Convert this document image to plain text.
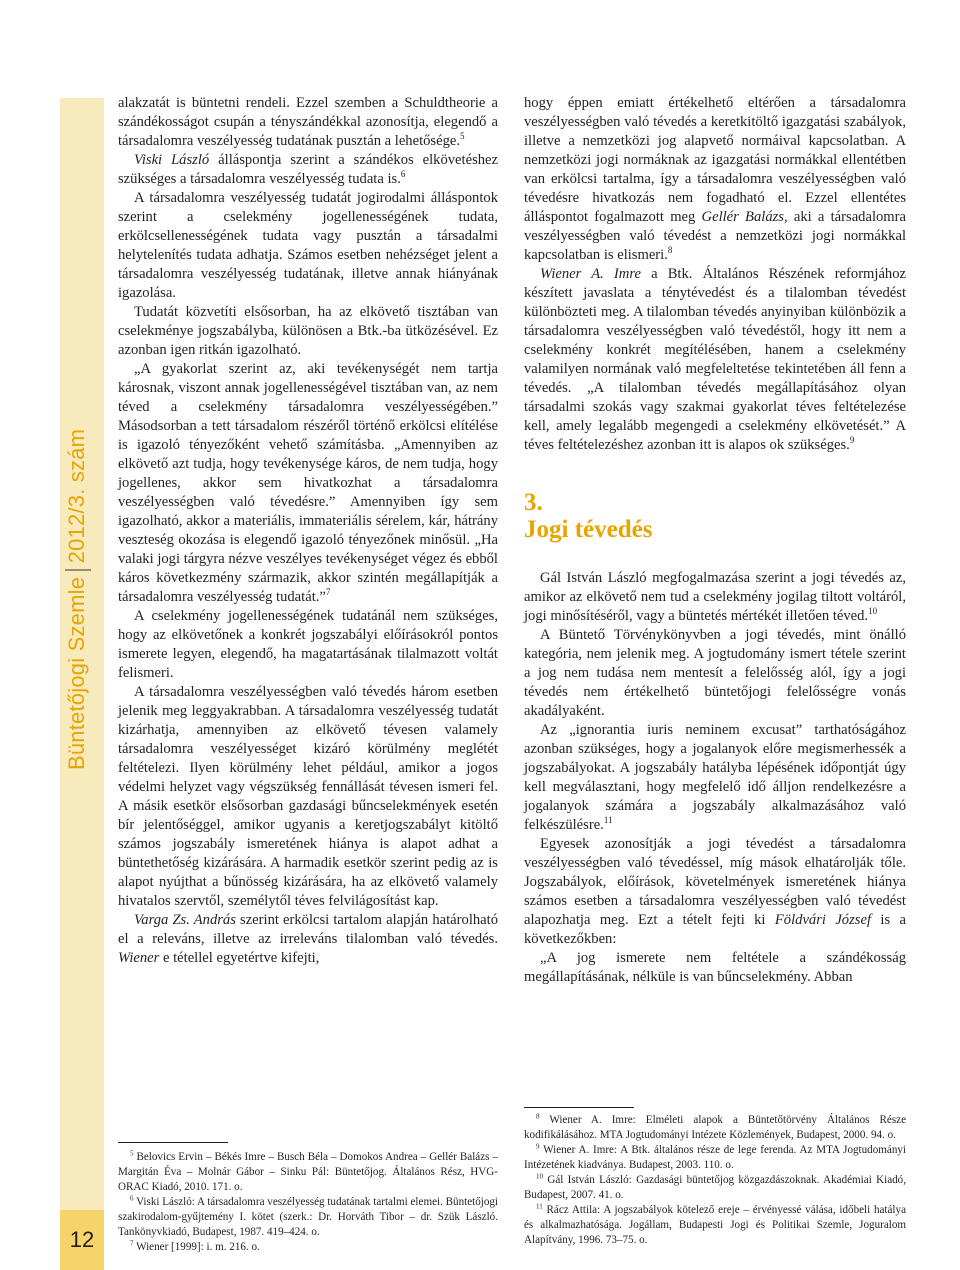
Büntetőjogi Szemle2012/3. szám
12

alakzatát is büntetni rendeli. Ezzel szemben a Schuldtheorie a szándékosságot csupán a tényszándékkal azonosítja, elegendő a társadalomra veszélyesség tudatának pusztán a lehetősége.$^5$

Viski László álláspontja szerint a szándékos elkövetéshez szükséges a társadalomra veszélyesség tudata is.$^6$

A társadalomra veszélyesség tudatát jogirodalmi álláspontok szerint a cselekmény jogellenességének tudata, erkölcsellenességének tudata vagy pusztán a társadalmi helytelenítés tudata adhatja. Számos esetben nehézséget jelent a társadalomra veszélyesség tudatának, illetve annak hiányának igazolása.

Tudatát közvetíti elsősorban, ha az elkövető tisztában van cselekménye jogszabályba, különösen a Btk.-ba ütközésével. Ez azonban igen ritkán igazolható.

„A gyakorlat szerint az, aki tevékenységét nem tartja károsnak, viszont annak jogellenességével tisztában van, az nem téved a cselekmény társadalomra veszélyességében.” Másodsorban a tett társadalom részéről történő erkölcsi elítélése is igazoló tényezőként vehető számításba. „Amennyiben az elkövető azt tudja, hogy tevékenysége káros, de nem tudja, hogy jogellenes, akkor sem hivatkozhat a társadalomra veszélyességben való tévedésre.” Amennyiben így sem igazolható, akkor a materiális, immateriális sérelem, kár, hátrány veszteség okozása is elegendő igazoló tényezőnek minősül. „Ha valaki jogi tárgyra nézve veszélyes tevékenységet végez és ebből káros következmény származik, akkor szintén megállapítják a társadalomra veszélyesség tudatát.”$^7$

A cselekmény jogellenességének tudatánál nem szükséges, hogy az elkövetőnek a konkrét jogszabályi előírásokról pontos ismerete legyen, elegendő, ha magatartásának tilalmazott voltát felismeri.

A társadalomra veszélyességben való tévedés három esetben jelenik meg leggyakrabban. A társadalomra veszélyesség tudatát kizárhatja, amennyiben az elkövető tévesen valamely társadalomra veszélyességet kizáró körülmény meglétét feltételezi. Ilyen körülmény lehet például, amikor a jogos védelmi helyzet vagy végszükség fennállását tévesen ismeri fel. A másik esetkör elsősorban gazdasági bűncselekmények esetén bír jelentőséggel, amikor ugyanis a keretjogszabályt kitöltő számos jogszabály ismeretének hiánya is alapot adhat a büntethetőség kizárására. A harmadik esetkör szerint pedig az is alapot nyújthat a bűnösség kizárására, ha az elkövető valamely hivatalos szervtől, személytől téves felvilágosítást kap.

Varga Zs. András szerint erkölcsi tartalom alapján határolható el a releváns, illetve az irreleváns tilalomban való tévedés. Wiener e tétellel egyetértve kifejti,

hogy éppen emiatt értékelhető eltérően a társadalomra veszélyességben való tévedés a keretkitöltő igazgatási szabályok, illetve a nemzetközi jog alapvető normáival kapcsolatban. A nemzetközi jogi normáknak az igazgatási normákkal ellentétben van erkölcsi tartalma, így a társadalomra veszélyességben való tévedésre hivatkozás nem fogadható el. Ezzel ellentétes álláspontot fogalmazott meg Gellér Balázs, aki a társadalomra veszélyességben való tévedést a nemzetközi jogi normákkal kapcsolatban is elismeri.$^8$

Wiener A. Imre a Btk. Általános Részének reformjához készített javaslata a ténytévedést és a tilalomban tévedést különbözteti meg. A tilalomban tévedés anyinyiban különbözik a társadalomra veszélyességben való tévedéstől, hogy itt nem a cselekmény konkrét megítélésében, hanem a cselekmény valamilyen normának való megfeleltetése tekintetében áll fenn a tévedés. „A tilalomban tévedés megállapításához olyan társadalmi szokás vagy szakmai gyakorlat téves feltételezése kell, amely legalább megengedi a cselekmény elkövetését.” A téves feltételezéshez azonban itt is alapos ok szükséges.$^9$

3.
Jogi tévedés

Gál István László megfogalmazása szerint a jogi tévedés az, amikor az elkövető nem tud a cselekmény jogilag tiltott voltáról, jogi minősítéséről, vagy a büntetés mértékét illetően téved.$^{10}$

A Büntető Törvénykönyvben a jogi tévedés, mint önálló kategória, nem jelenik meg. A jogtudomány ismert tétele szerint a jog nem tudása nem mentesít a felelősség alól, így a jogi tévedés nem értékelhető büntetőjogi felelősségre vonás akadályaként.

Az „ignorantia iuris neminem excusat” tarthatóságához azonban szükséges, hogy a jogalanyok előre megismerhessék a jogszabályokat. A jogszabály hatályba lépésének időpontját úgy kell megválasztani, hogy megfelelő idő álljon rendelkezésre a jogalanyok számára a jogszabály alkalmazásához való felkészülésre.$^{11}$

Egyesek azonosítják a jogi tévedést a társadalomra veszélyességben való tévedéssel, míg mások elhatárolják tőle. Jogszabályok, előírások, követelmények ismeretének hiánya számos esetben a társadalomra veszélyességben való tévedést alapozhatja meg. Ezt a tételt fejti ki Földvári József is a következőkben:

„A jog ismerete nem feltétele a szándékosság megállapításának, nélküle is van bűncselekmény. Abban

$^5$ Belovics Ervin – Békés Imre – Busch Béla – Domokos Andrea – Gellér Balázs – Margitán Éva – Molnár Gábor – Sinku Pál: Büntetőjog. Általános Rész, HVG-ORAC Kiadó, 2010. 171. o.

$^6$ Viski László: A társadalomra veszélyesség tudatának tartalmi elemei. Büntetőjogi szakirodalom-gyűjtemény I. kötet (szerk.: Dr. Horváth Tibor – dr. Szük László. Tankönyvkiadó, Budapest, 1987. 419–424. o.

$^7$ Wiener [1999]: i. m. 216. o.

$^8$ Wiener A. Imre: Elméleti alapok a Büntetőtörvény Általános Része kodifikálásához. MTA Jogtudományi Intézete Közlemények, Budapest, 2000. 94. o.

$^9$ Wiener A. Imre: A Btk. általános része de lege ferenda. Az MTA Jogtudományi Intézetének kiadványa. Budapest, 2003. 110. o.

$^{10}$ Gál István László: Gazdasági büntetőjog közgazdászoknak. Akadémiai Kiadó, Budapest, 2007. 41. o.

$^{11}$ Rácz Attila: A jogszabályok kötelező ereje – érvényessé válása, időbeli hatálya és alkalmazhatósága. Jogállam, Budapesti Jogi és Politikai Szemle, Joguralom Alapítvány, 1996. 73–75. o.
